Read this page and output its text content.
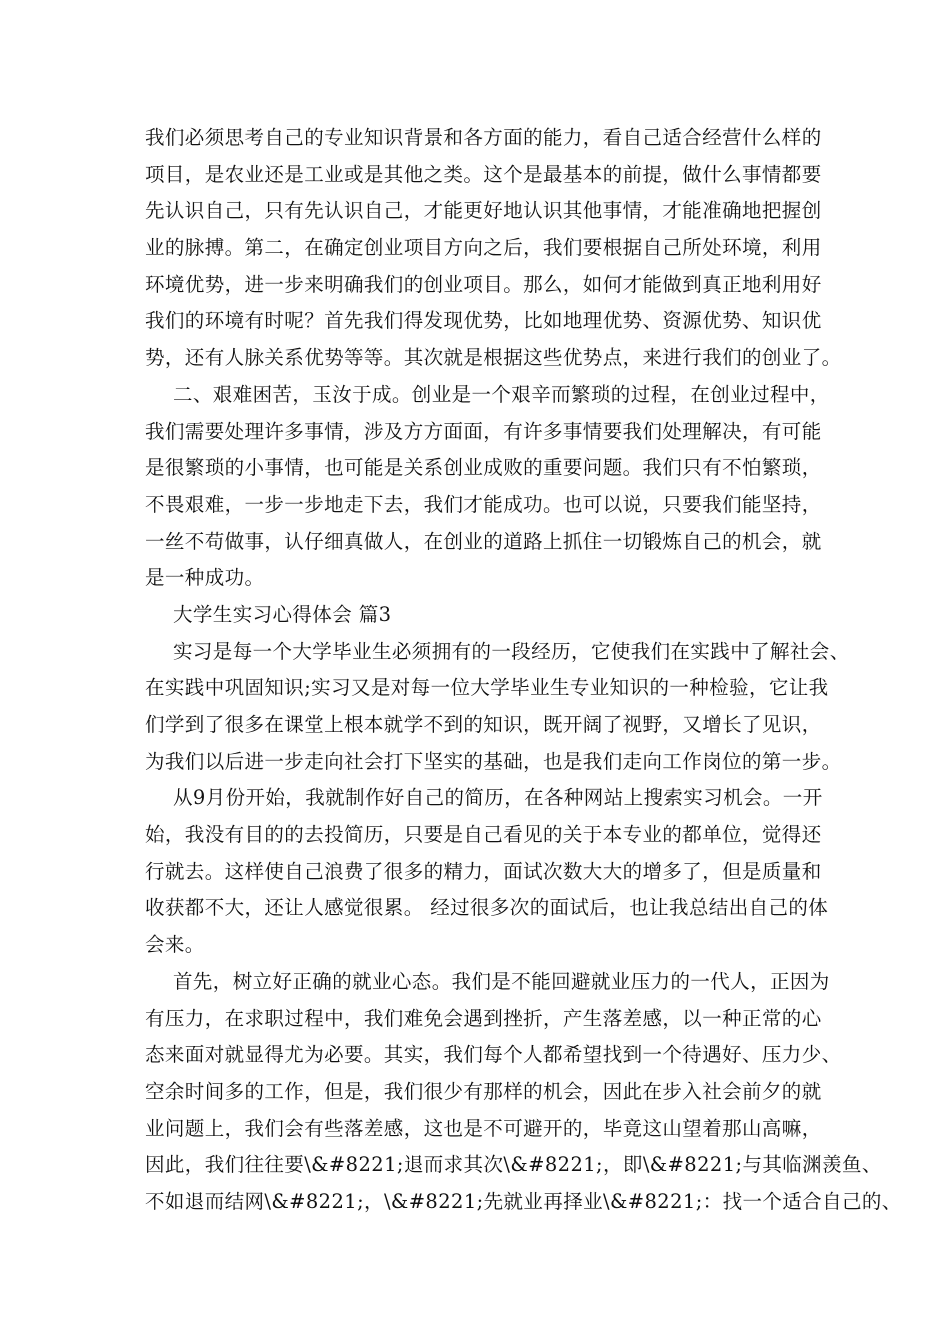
我们必须思考自己的专业知识背景和各方面的能力，看自己适合经营什么样的
项目，是农业还是工业或是其他之类。这个是最基本的前提，做什么事情都要
先认识自己，只有先认识自己，才能更好地认识其他事情，才能准确地把握创
业的脉搏。第二，在确定创业项目方向之后，我们要根据自己所处环境，利用
环境优势，进一步来明确我们的创业项目。那么，如何才能做到真正地利用好
我们的环境有时呢？首先我们得发现优势，比如地理优势、资源优势、知识优
势，还有人脉关系优势等等。其次就是根据这些优势点，来进行我们的创业了。
二、艰难困苦，玉汝于成。创业是一个艰辛而繁琐的过程，在创业过程中，
我们需要处理许多事情，涉及方方面面，有许多事情要我们处理解决，有可能
是很繁琐的小事情，也可能是关系创业成败的重要问题。我们只有不怕繁琐，
不畏艰难，一步一步地走下去，我们才能成功。也可以说，只要我们能坚持，
一丝不苟做事，认仔细真做人，在创业的道路上抓住一切锻炼自己的机会，就
是一种成功。
大学生实习心得体会 篇3
实习是每一个大学毕业生必须拥有的一段经历，它使我们在实践中了解社会、
在实践中巩固知识;实习又是对每一位大学毕业生专业知识的一种检验，它让我
们学到了很多在课堂上根本就学不到的知识，既开阔了视野，又增长了见识，
为我们以后进一步走向社会打下坚实的基础，也是我们走向工作岗位的第一步。
从9月份开始，我就制作好自己的简历，在各种网站上搜索实习机会。一开
始，我没有目的的去投简历，只要是自己看见的关于本专业的都单位，觉得还
行就去。这样使自己浪费了很多的精力，面试次数大大的增多了，但是质量和
收获都不大，还让人感觉很累。 经过很多次的面试后，也让我总结出自己的体
会来。
首先，树立好正确的就业心态。我们是不能回避就业压力的一代人，正因为
有压力，在求职过程中，我们难免会遇到挫折，产生落差感，以一种正常的心
态来面对就显得尤为必要。其实，我们每个人都希望找到一个待遇好、压力少、
空余时间多的工作，但是，我们很少有那样的机会，因此在步入社会前夕的就
业问题上，我们会有些落差感，这也是不可避开的，毕竟这山望着那山高嘛，
因此，我们往往要\&#8221;退而求其次\&#8221;，即\&#8221;与其临渊羡鱼、
不如退而结网\&#8221;，\&#8221;先就业再择业\&#8221;：找一个适合自己的、
